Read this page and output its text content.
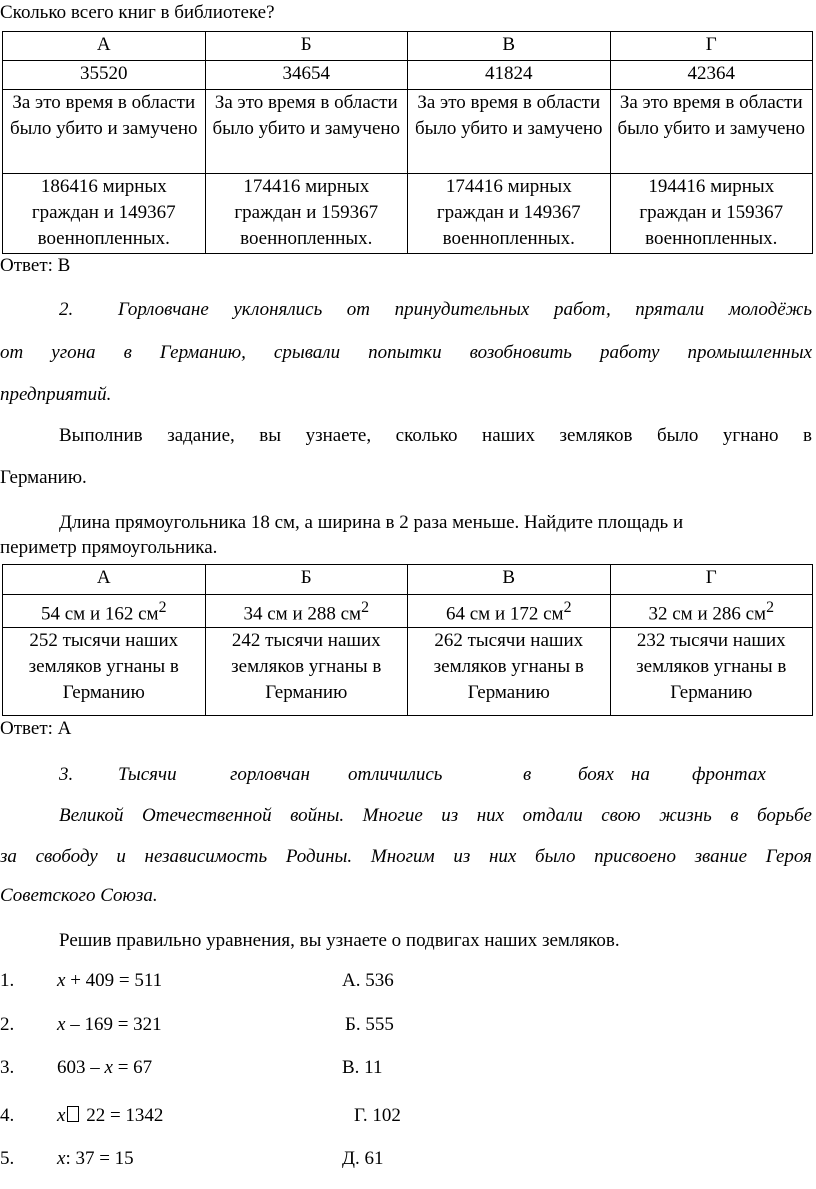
Сколько всего книг в библиотеке?
А	Б	В	Г
35520	34654	41824	42364
За это время в области было убито и замучено	За это время в области было убито и замучено	За это время в области было убито и замучено	За это время в области было убито и замучено
186416 мирных граждан и 149367 военнопленных.	174416 мирных граждан и 159367 военнопленных.	174416 мирных граждан и 149367 военнопленных.	194416 мирных граждан и 159367 военнопленных.
Ответ: В
2. Горловчане уклонялись от принудительных работ, прятали молодёжь
от угона в Германию, срывали попытки возобновить работу промышленных
предприятий.
Выполнив задание, вы узнаете, сколько наших земляков было угнано в
Германию.
Длина прямоугольника 18 см, а ширина в 2 раза меньше. Найдите площадь и
периметр прямоугольника.
А	Б	В	Г
54 см и 162 $см^2$	34 см и 288 $см^2$	64 см и 172 $см^2$	32 см и 286 $см^2$
252 тысячи наших земляков угнаны в Германию	242 тысячи наших земляков угнаны в Германию	262 тысячи наших земляков угнаны в Германию	232 тысячи наших земляков угнаны в Германию
Ответ: А
3. Тысячи	горловчан отличились	в боях на фронтах
Великой Отечественной войны. Многие из них отдали свою жизнь в борьбе
за свободу и независимость Родины. Многим из них было присвоено звание Героя
Советского Союза.
Решив правильно уравнения, вы узнаете о подвигах наших земляков.
1. x + 409 = 511	А. 536
2. x – 169 = 321	Б. 555
3. 603 – x = 67	В. 11
4. x 22 = 1342	Г. 102
5. x: 37 = 15	Д. 61
